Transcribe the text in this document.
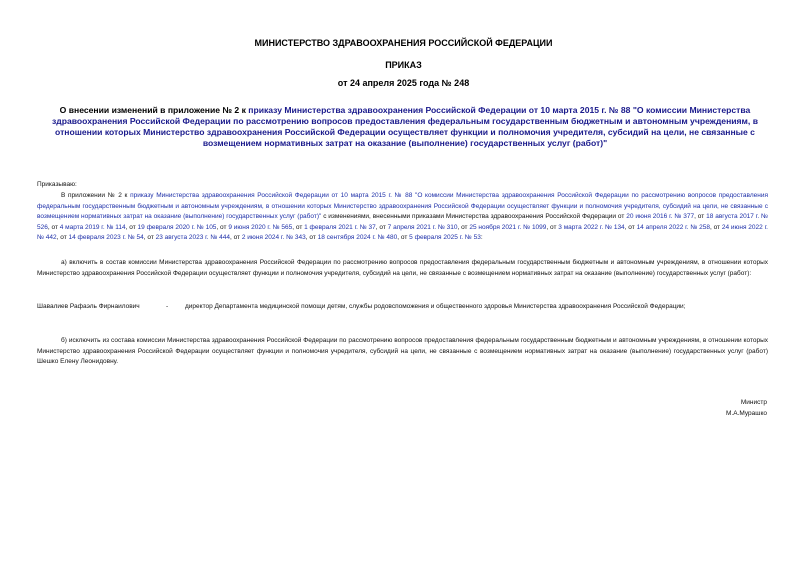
МИНИСТЕРСТВО ЗДРАВООХРАНЕНИЯ РОССИЙСКОЙ ФЕДЕРАЦИИ
ПРИКАЗ
от 24 апреля 2025 года № 248
О внесении изменений в приложение № 2 к приказу Министерства здравоохранения Российской Федерации от 10 марта 2015 г. № 88 "О комиссии Министерства здравоохранения Российской Федерации по рассмотрению вопросов предоставления федеральным государственным бюджетным и автономным учреждениям, в отношении которых Министерство здравоохранения Российской Федерации осуществляет функции и полномочия учредителя, субсидий на цели, не связанные с возмещением нормативных затрат на оказание (выполнение) государственных услуг (работ)"
Приказываю:
В приложении № 2 к приказу Министерства здравоохранения Российской Федерации от 10 марта 2015 г. № 88 "О комиссии Министерства здравоохранения Российской Федерации по рассмотрению вопросов предоставления федеральным государственным бюджетным и автономным учреждениям, в отношении которых Министерство здравоохранения Российской Федерации осуществляет функции и полномочия учредителя, субсидий на цели, не связанные с возмещением нормативных затрат на оказание (выполнение) государственных услуг (работ)" с изменениями, внесенными приказами Министерства здравоохранения Российской Федерации от 20 июня 2016 г. № 377, от 18 августа 2017 г. № 526, от 4 марта 2019 г. № 114, от 19 февраля 2020 г. № 105, от 9 июня 2020 г. № 565, от 1 февраля 2021 г. № 37, от 7 апреля 2021 г. № 310, от 25 ноября 2021 г. № 1099, от 3 марта 2022 г. № 134, от 14 апреля 2022 г. № 258, от 24 июня 2022 г. № 442, от 14 февраля 2023 г. № 54, от 23 августа 2023 г. № 444, от 2 июня 2024 г. № 343, от 18 сентября 2024 г. № 480, от 5 февраля 2025 г. № 53:
а) включить в состав комиссии Министерства здравоохранения Российской Федерации по рассмотрению вопросов предоставления федеральным государственным бюджетным и автономным учреждениям, в отношении которых Министерство здравоохранения Российской Федерации осуществляет функции и полномочия учредителя, субсидий на цели, не связанные с возмещением нормативных затрат на оказание (выполнение) государственных услуг (работ):
Шавалиев Рафаэль Фирнаилович	-	директор Департамента медицинской помощи детям, службы родовспоможения и общественного здоровья Министерства здравоохранения Российской Федерации;
б) исключить из состава комиссии Министерства здравоохранения Российской Федерации по рассмотрению вопросов предоставления федеральным государственным бюджетным и автономным учреждениям, в отношении которых Министерство здравоохранения Российской Федерации осуществляет функции и полномочия учредителя, субсидий на цели, не связанные с возмещением нормативных затрат на оказание (выполнение) государственных услуг (работ) Шешко Елену Леонидовну.
Министр
М.А.Мурашко
